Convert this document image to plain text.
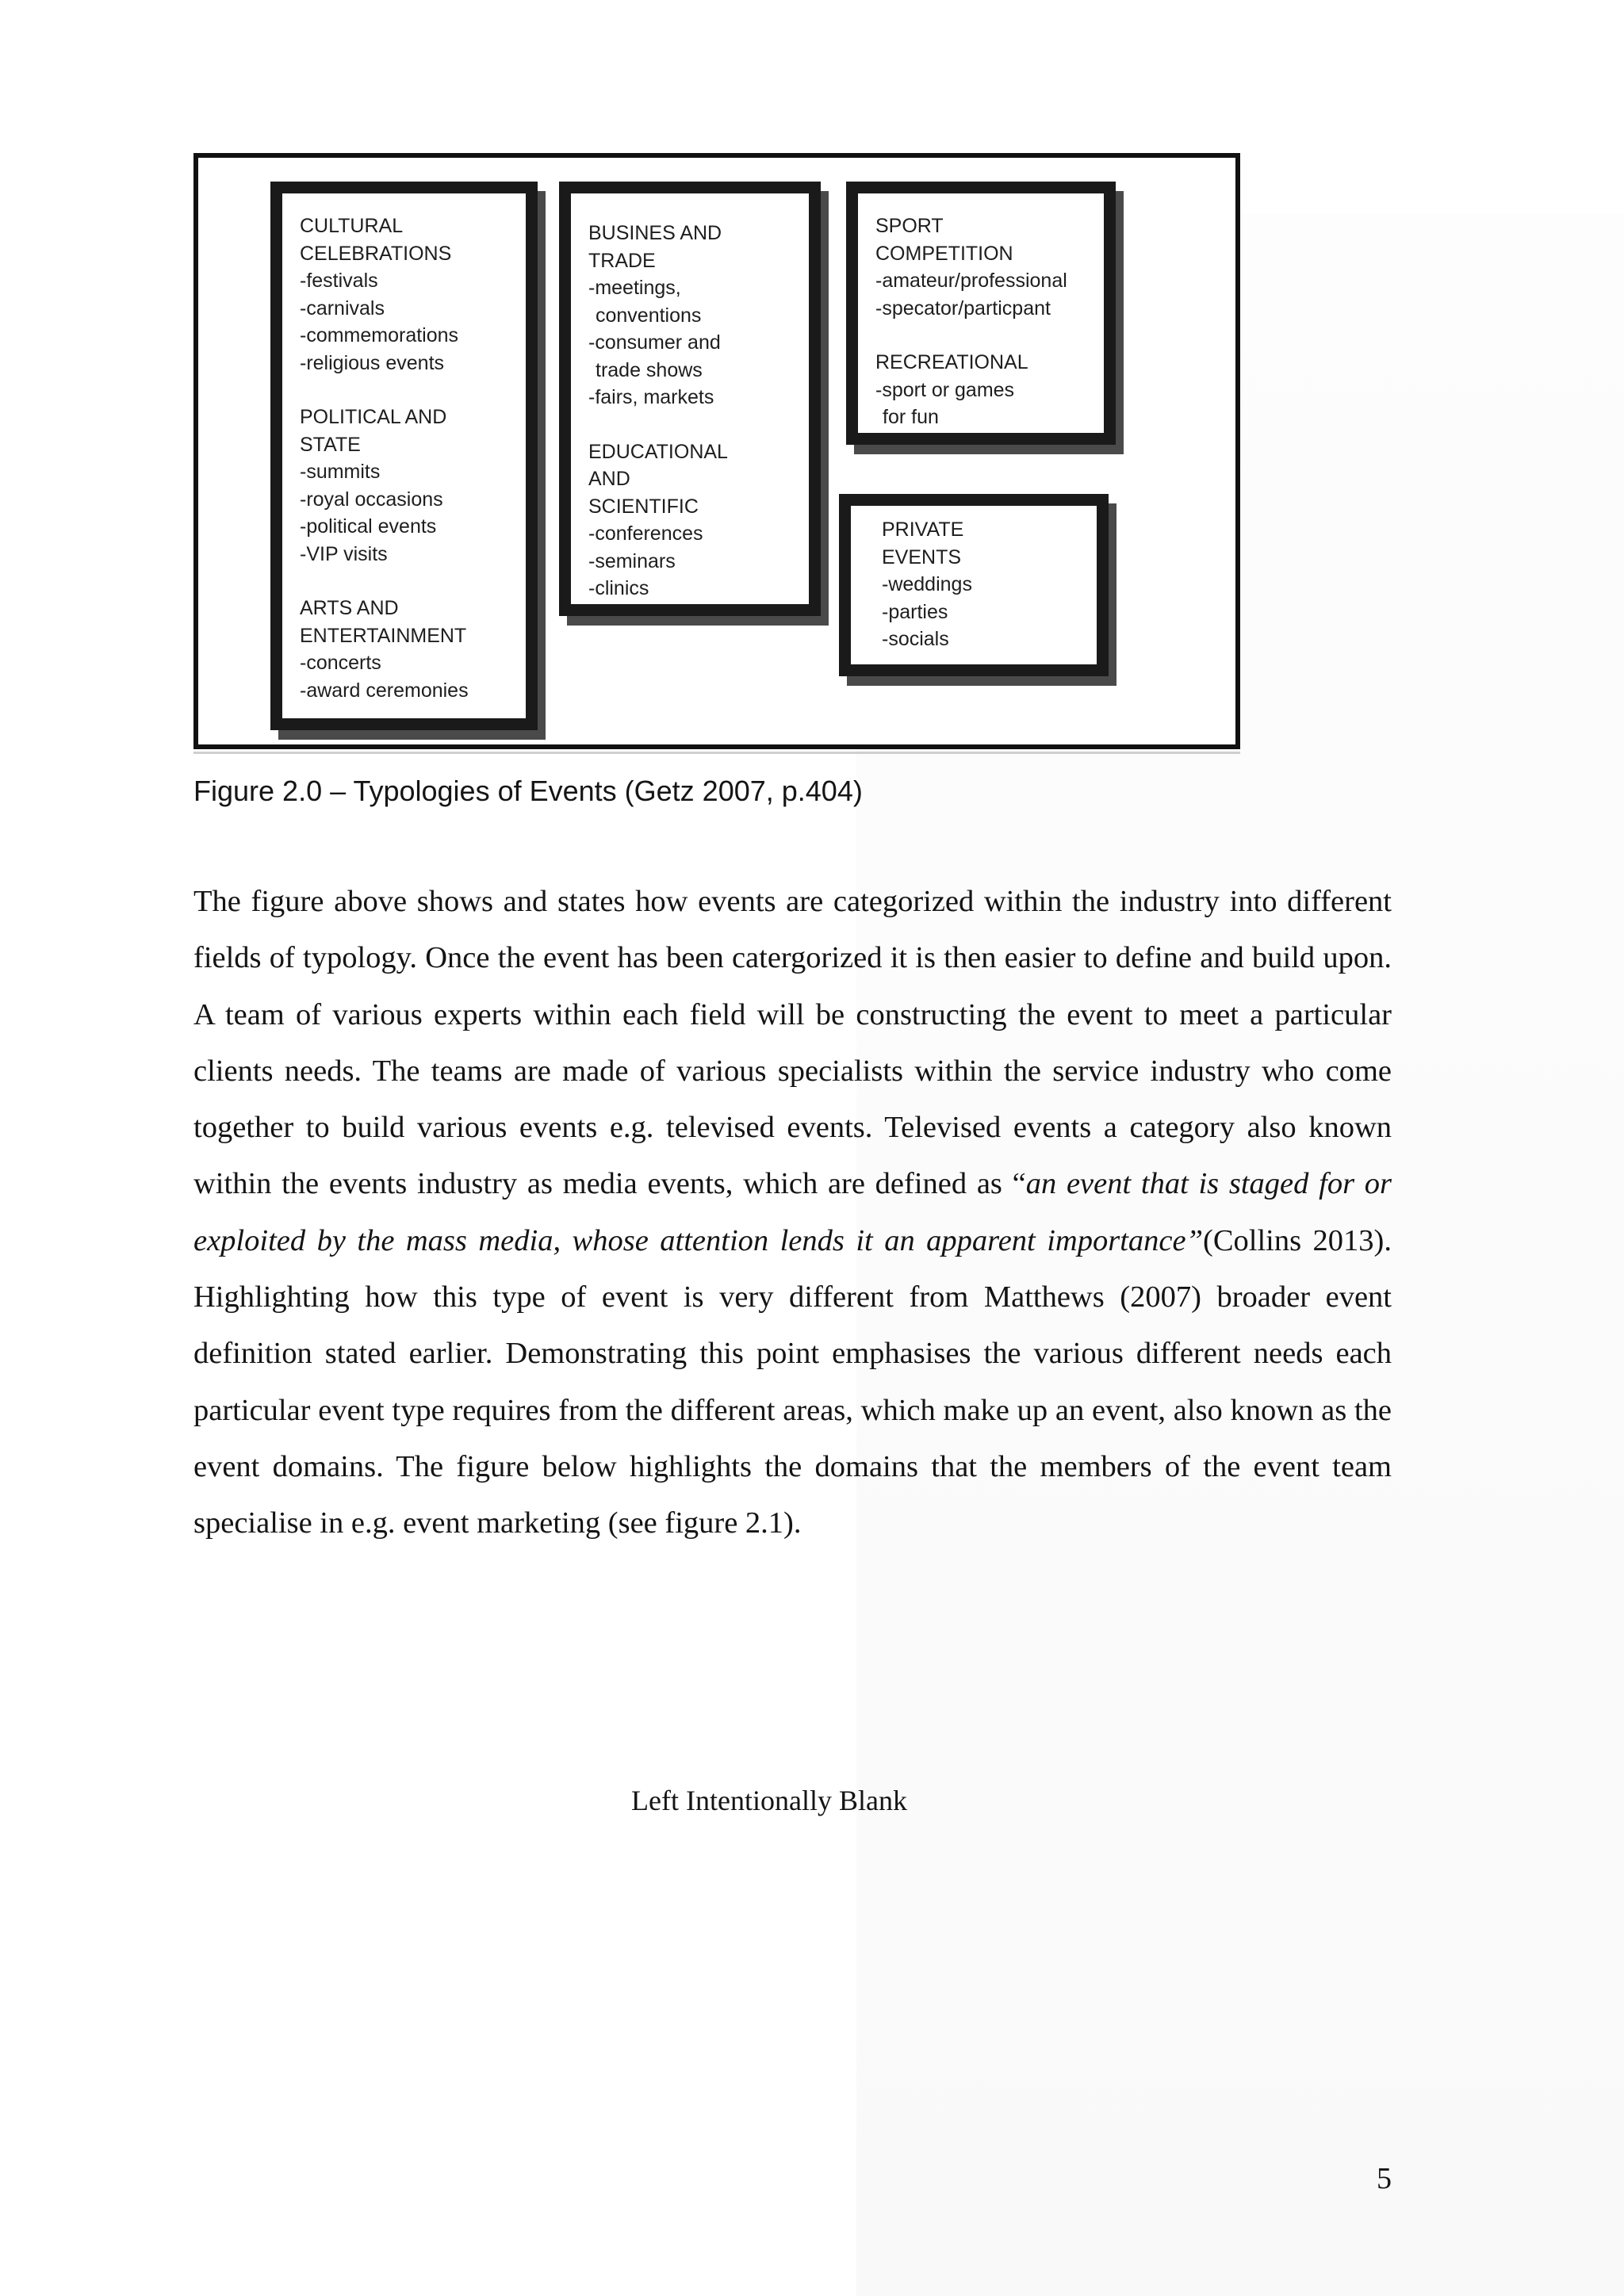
CULTURAL
CELEBRATIONS
-festivals
-carnivals
-commemorations
-religious events
POLITICAL AND
STATE
-summits
-royal occasions
-political events
-VIP visits
ARTS AND
ENTERTAINMENT
-concerts
-award ceremonies
BUSINES AND
TRADE
-meetings,
conventions
-consumer and
trade shows
-fairs, markets
EDUCATIONAL
AND
SCIENTIFIC
-conferences
-seminars
-clinics
SPORT
COMPETITION
-amateur/professional
-specator/particpant
RECREATIONAL
-sport or games
for fun
PRIVATE
EVENTS
-weddings
-parties
-socials
Figure 2.0 – Typologies of Events (Getz 2007, p.404)
The figure above shows and states how events are categorized within the industry into different fields of typology. Once the event has been catergorized it is then easier to define and build upon. A team of various experts within each field will be constructing the event to meet a particular clients needs. The teams are made of various specialists within the service industry who come together to build various events e.g. televised events. Televised events a category also known within the events industry as media events, which are defined as “an event that is staged for or exploited by the mass media, whose attention lends it an apparent importance”(Collins 2013). Highlighting how this type of event is very different from Matthews (2007) broader event definition stated earlier. Demonstrating this point emphasises the various different needs each particular event type requires from the different areas, which make up an event, also known as the event domains. The figure below highlights the domains that the members of the event team specialise in e.g. event marketing (see figure 2.1).
Left Intentionally Blank
5
